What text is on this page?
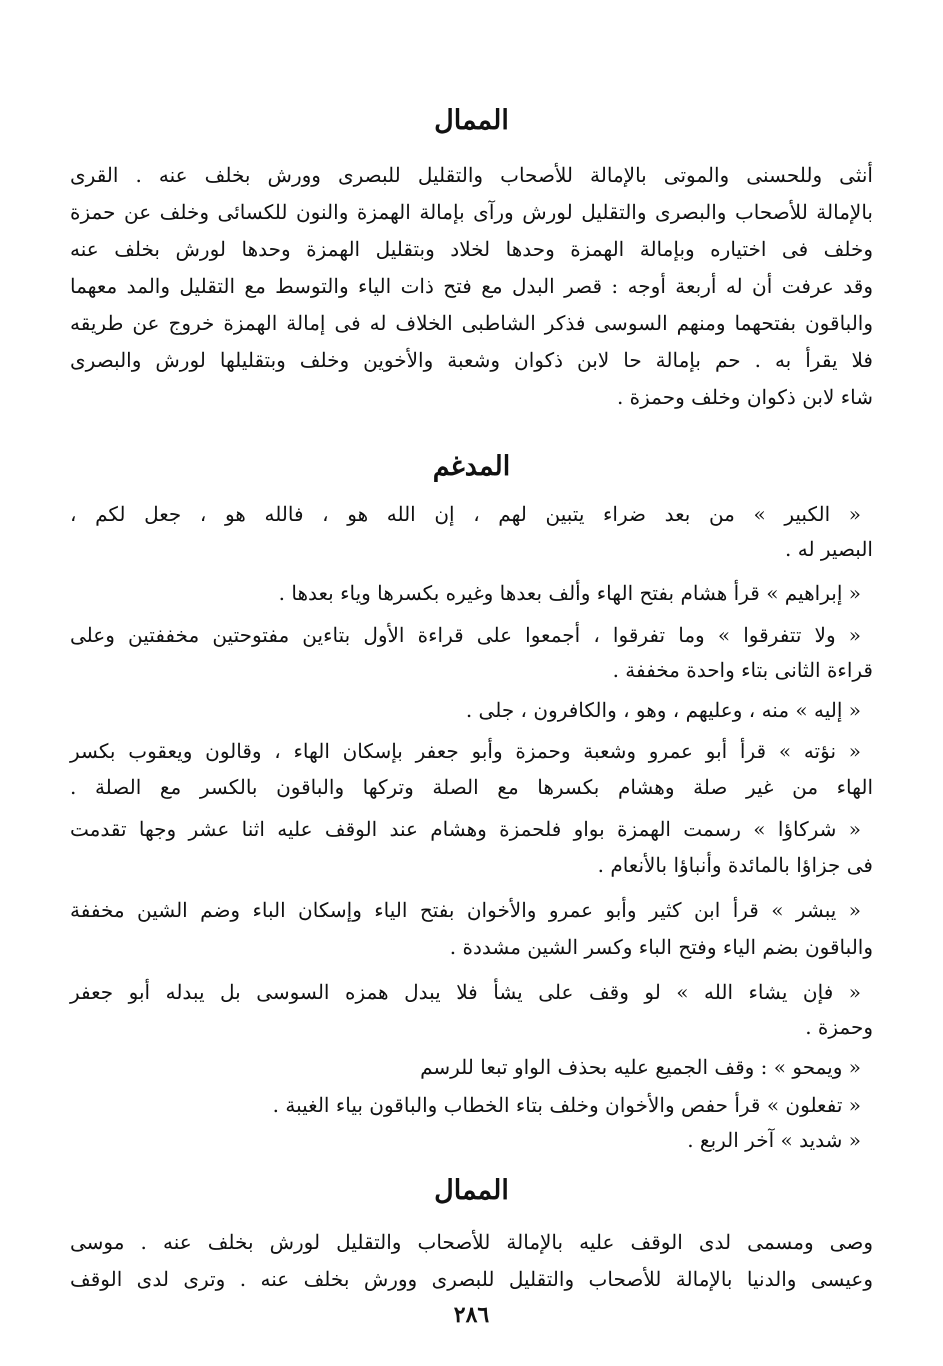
الممال
أنثى وللحسنى والموتى بالإمالة للأصحاب والتقليل للبصرى وورش بخلف عنه . القرى
بالإمالة للأصحاب والبصرى والتقليل لورش ورآى بإمالة الهمزة والنون للكسائى وخلف عن حمزة
وخلف فى اختياره وبإمالة الهمزة وحدها لخلاد وبتقليل الهمزة وحدها لورش بخلف عنه
وقد عرفت أن له أربعة أوجه : قصر البدل مع فتح ذات الياء والتوسط مع التقليل والمد معهما
والباقون بفتحهما ومنهم السوسى فذكر الشاطبى الخلاف له فى إمالة الهمزة خروج عن طريقه
فلا يقرأ به . حم بإمالة حا لابن ذكوان وشعبة والأخوين وخلف وبتقليلها لورش والبصرى
شاء لابن ذكوان وخلف وحمزة .
المدغم
« الكبير » من بعد ضراء يتبين لهم ، إن الله هو ، فالله هو ، جعل لكم ،
البصير له .
« إبراهيم » قرأ هشام بفتح الهاء وألف بعدها وغيره بكسرها وياء بعدها .
« ولا تتفرقوا » وما تفرقوا ، أجمعوا على قراءة الأول بتاءين مفتوحتين مخففتين وعلى
قراءة الثانى بتاء واحدة مخففة .
« إليه » منه ، وعليهم ، وهو ، والكافرون ، جلى .
« نؤته » قرأ أبو عمرو وشعبة وحمزة وأبو جعفر بإسكان الهاء ، وقالون ويعقوب بكسر
الهاء من غير صلة وهشام بكسرها مع الصلة وتركها والباقون بالكسر مع الصلة .
« شركاؤا » رسمت الهمزة بواو فلحمزة وهشام عند الوقف عليه اثنا عشر وجها تقدمت
فى جزاؤا بالمائدة وأنباؤا بالأنعام .
« يبشر » قرأ ابن كثير وأبو عمرو والأخوان بفتح الياء وإسكان الباء وضم الشين مخففة
والباقون بضم الياء وفتح الباء وكسر الشين مشددة .
« فإن يشاء الله » لو وقف على يشأ فلا يبدل همزه السوسى بل يبدله أبو جعفر
وحمزة .
« ويمحو » : وقف الجميع عليه بحذف الواو تبعا للرسم
« تفعلون » قرأ حفص والأخوان وخلف بتاء الخطاب والباقون بياء الغيبة .
« شديد » آخر الربع .
الممال
وصى ومسمى لدى الوقف عليه بالإمالة للأصحاب والتقليل لورش بخلف عنه . موسى
وعيسى والدنيا بالإمالة للأصحاب والتقليل للبصرى وورش بخلف عنه . وترى لدى الوقف
٢٨٦
